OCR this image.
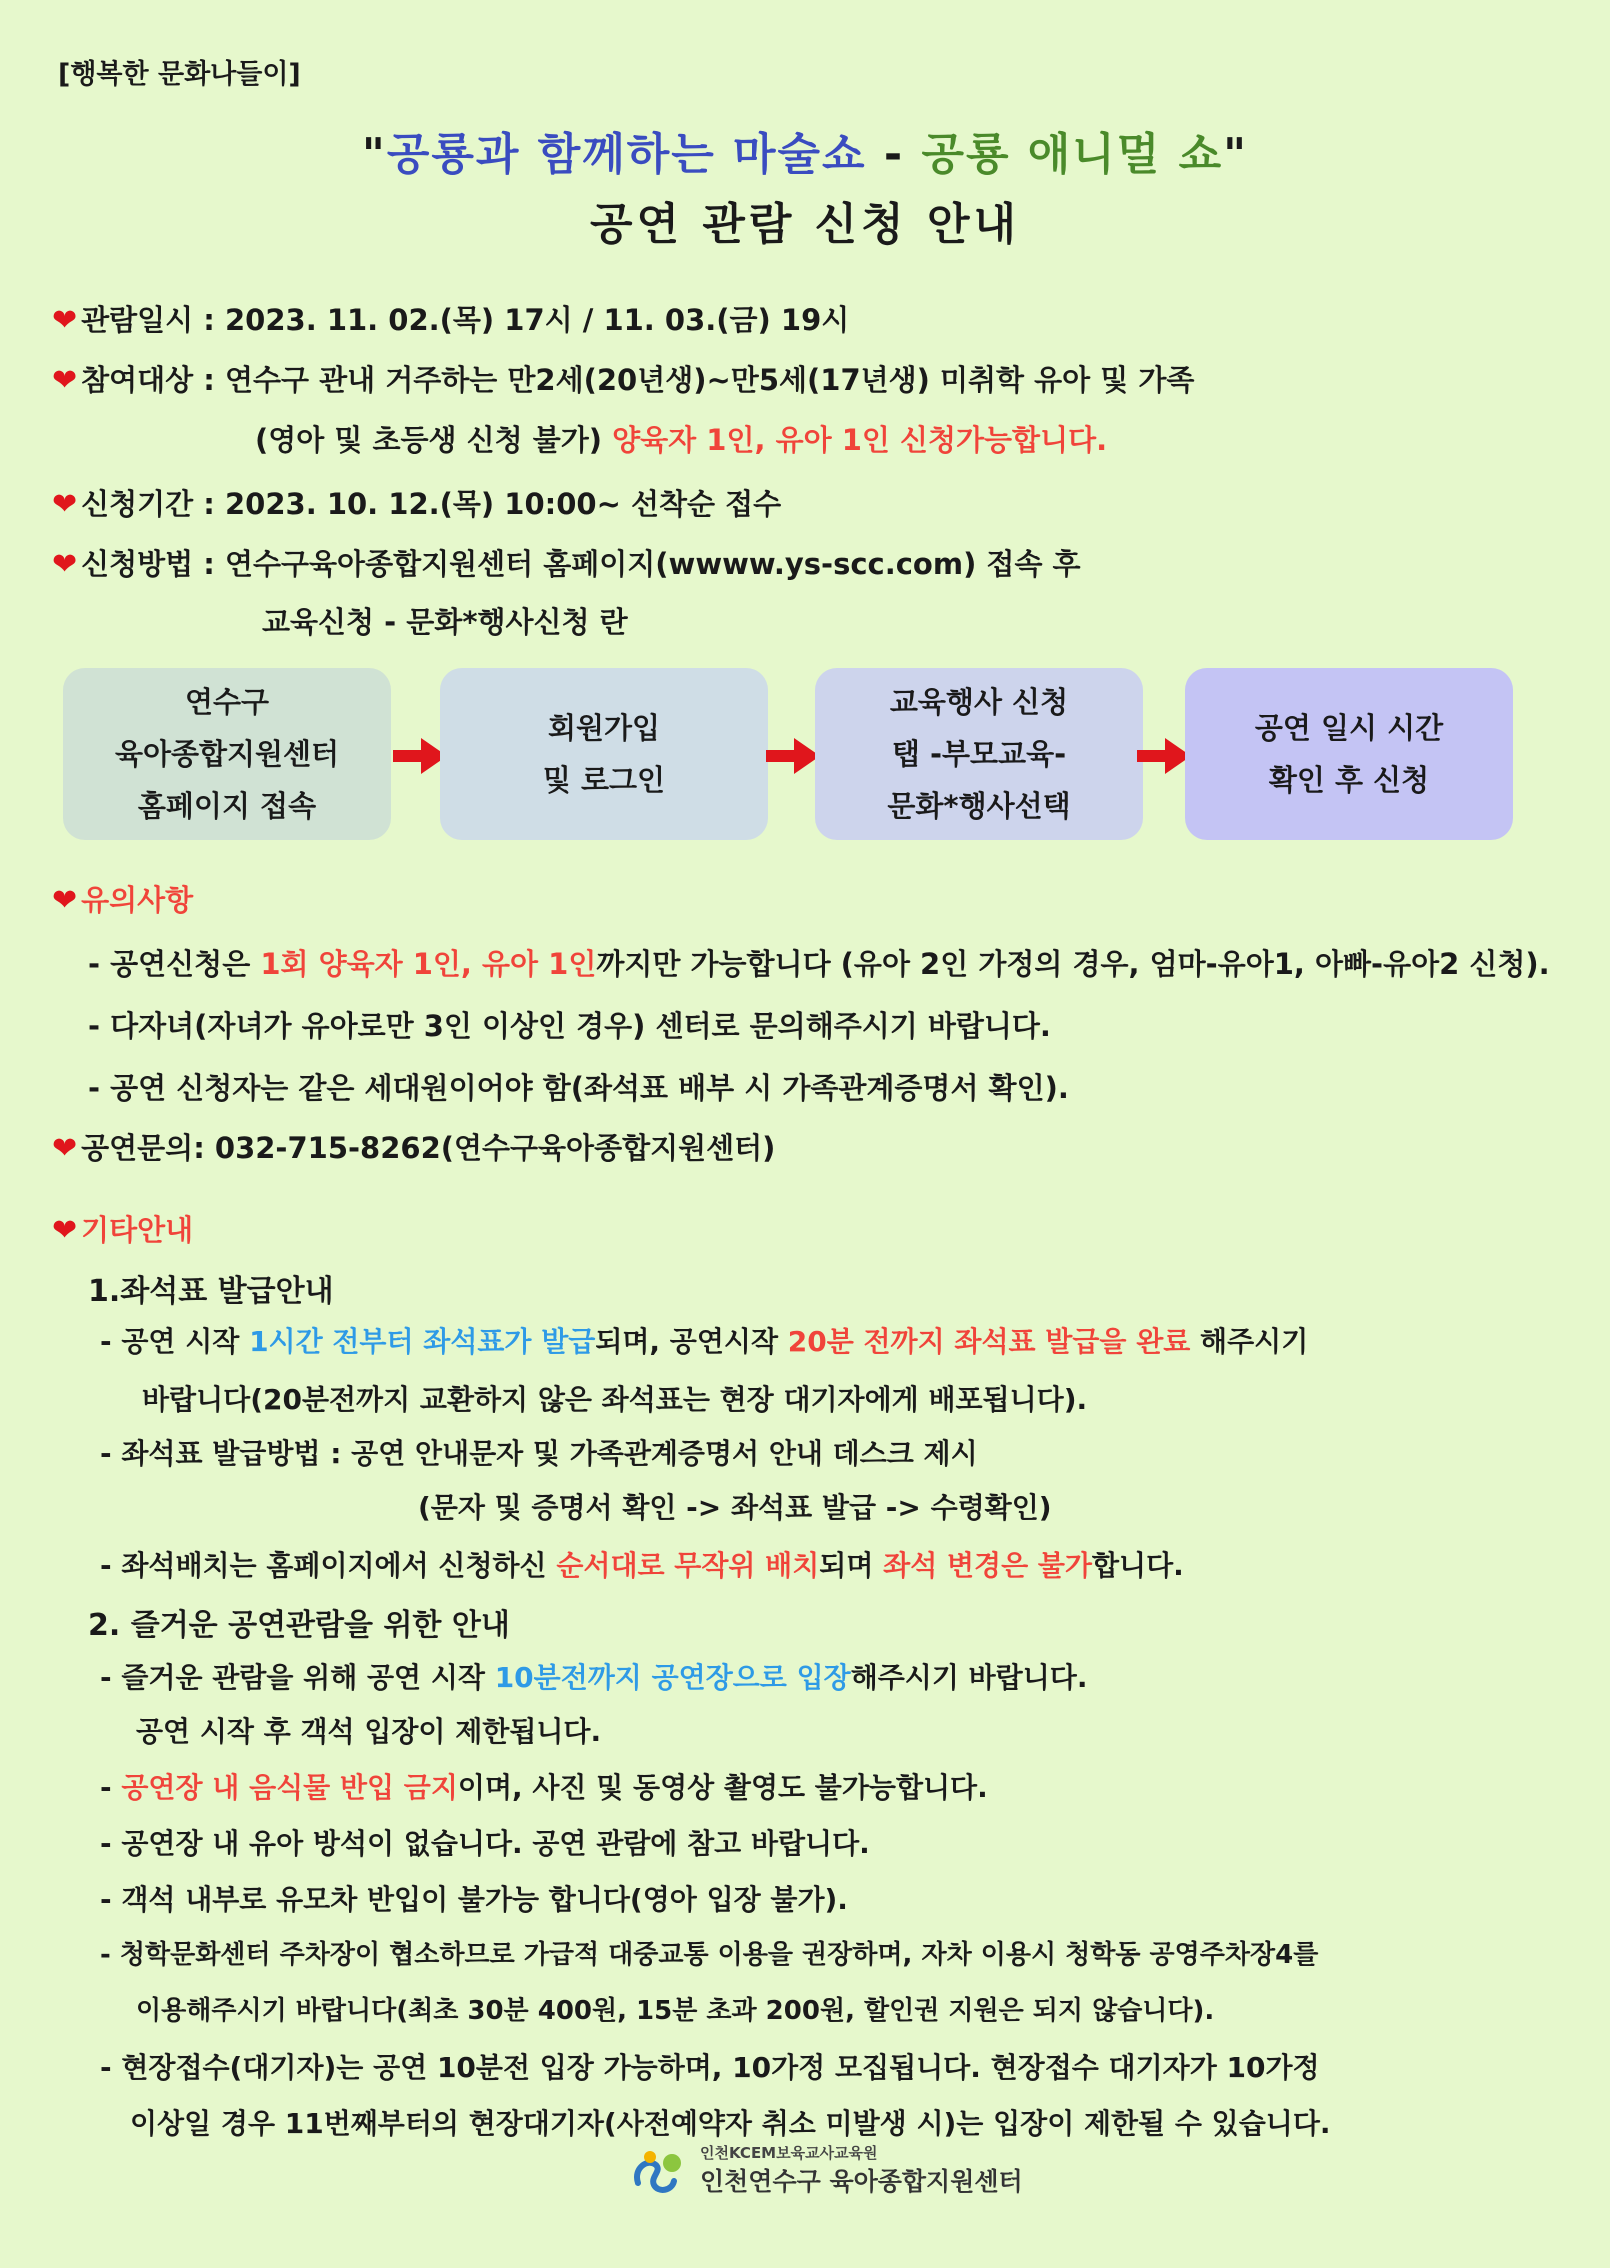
[행복한 문화나들이]
"공룡과 함께하는 마술쇼 - 공룡 애니멀 쇼"
공연 관람 신청 안내
❤ 관람일시 : 2023. 11. 02.(목) 17시 / 11. 03.(금) 19시
❤ 참여대상 : 연수구 관내 거주하는 만2세(20년생)~만5세(17년생) 미취학 유아 및 가족
(영아 및 초등생 신청 불가) 양육자 1인, 유아 1인 신청가능합니다.
❤ 신청기간 : 2023. 10. 12.(목) 10:00~ 선착순 접수
❤ 신청방법 : 연수구육아종합지원센터 홈페이지(wwww.ys-scc.com) 접속 후
교육신청 - 문화*행사신청 란
연수구
육아종합지원센터
홈페이지 접속
회원가입
및 로그인
교육행사 신청
탭 -부모교육-
문화*행사선택
공연 일시 시간
확인 후 신청
❤ 유의사항
- 공연신청은 1회 양육자 1인, 유아 1인까지만 가능합니다 (유아 2인 가정의 경우, 엄마-유아1, 아빠-유아2 신청).
- 다자녀(자녀가 유아로만 3인 이상인 경우) 센터로 문의해주시기 바랍니다.
- 공연 신청자는 같은 세대원이어야 함(좌석표 배부 시 가족관계증명서 확인).
❤ 공연문의: 032-715-8262(연수구육아종합지원센터)
❤ 기타안내
1.좌석표 발급안내
- 공연 시작 1시간 전부터 좌석표가 발급되며, 공연시작 20분 전까지 좌석표 발급을 완료 해주시기
바랍니다(20분전까지 교환하지 않은 좌석표는 현장 대기자에게 배포됩니다).
- 좌석표 발급방법 : 공연 안내문자 및 가족관계증명서 안내 데스크 제시
(문자 및 증명서 확인 -> 좌석표 발급 -> 수령확인)
- 좌석배치는 홈페이지에서 신청하신 순서대로 무작위 배치되며 좌석 변경은 불가합니다.
2. 즐거운 공연관람을 위한 안내
- 즐거운 관람을 위해 공연 시작 10분전까지 공연장으로 입장해주시기 바랍니다.
공연 시작 후 객석 입장이 제한됩니다.
- 공연장 내 음식물 반입 금지이며, 사진 및 동영상 촬영도 불가능합니다.
- 공연장 내 유아 방석이 없습니다. 공연 관람에 참고 바랍니다.
- 객석 내부로 유모차 반입이 불가능 합니다(영아 입장 불가).
- 청학문화센터 주차장이 협소하므로 가급적 대중교통 이용을 권장하며, 자차 이용시 청학동 공영주차장4를
이용해주시기 바랍니다(최초 30분 400원, 15분 초과 200원, 할인권 지원은 되지 않습니다).
- 현장접수(대기자)는 공연 10분전 입장 가능하며, 10가정 모집됩니다. 현장접수 대기자가 10가정
이상일 경우 11번째부터의 현장대기자(사전예약자 취소 미발생 시)는 입장이 제한될 수 있습니다.
인천KCEM보육교사교육원
인천연수구 육아종합지원센터
